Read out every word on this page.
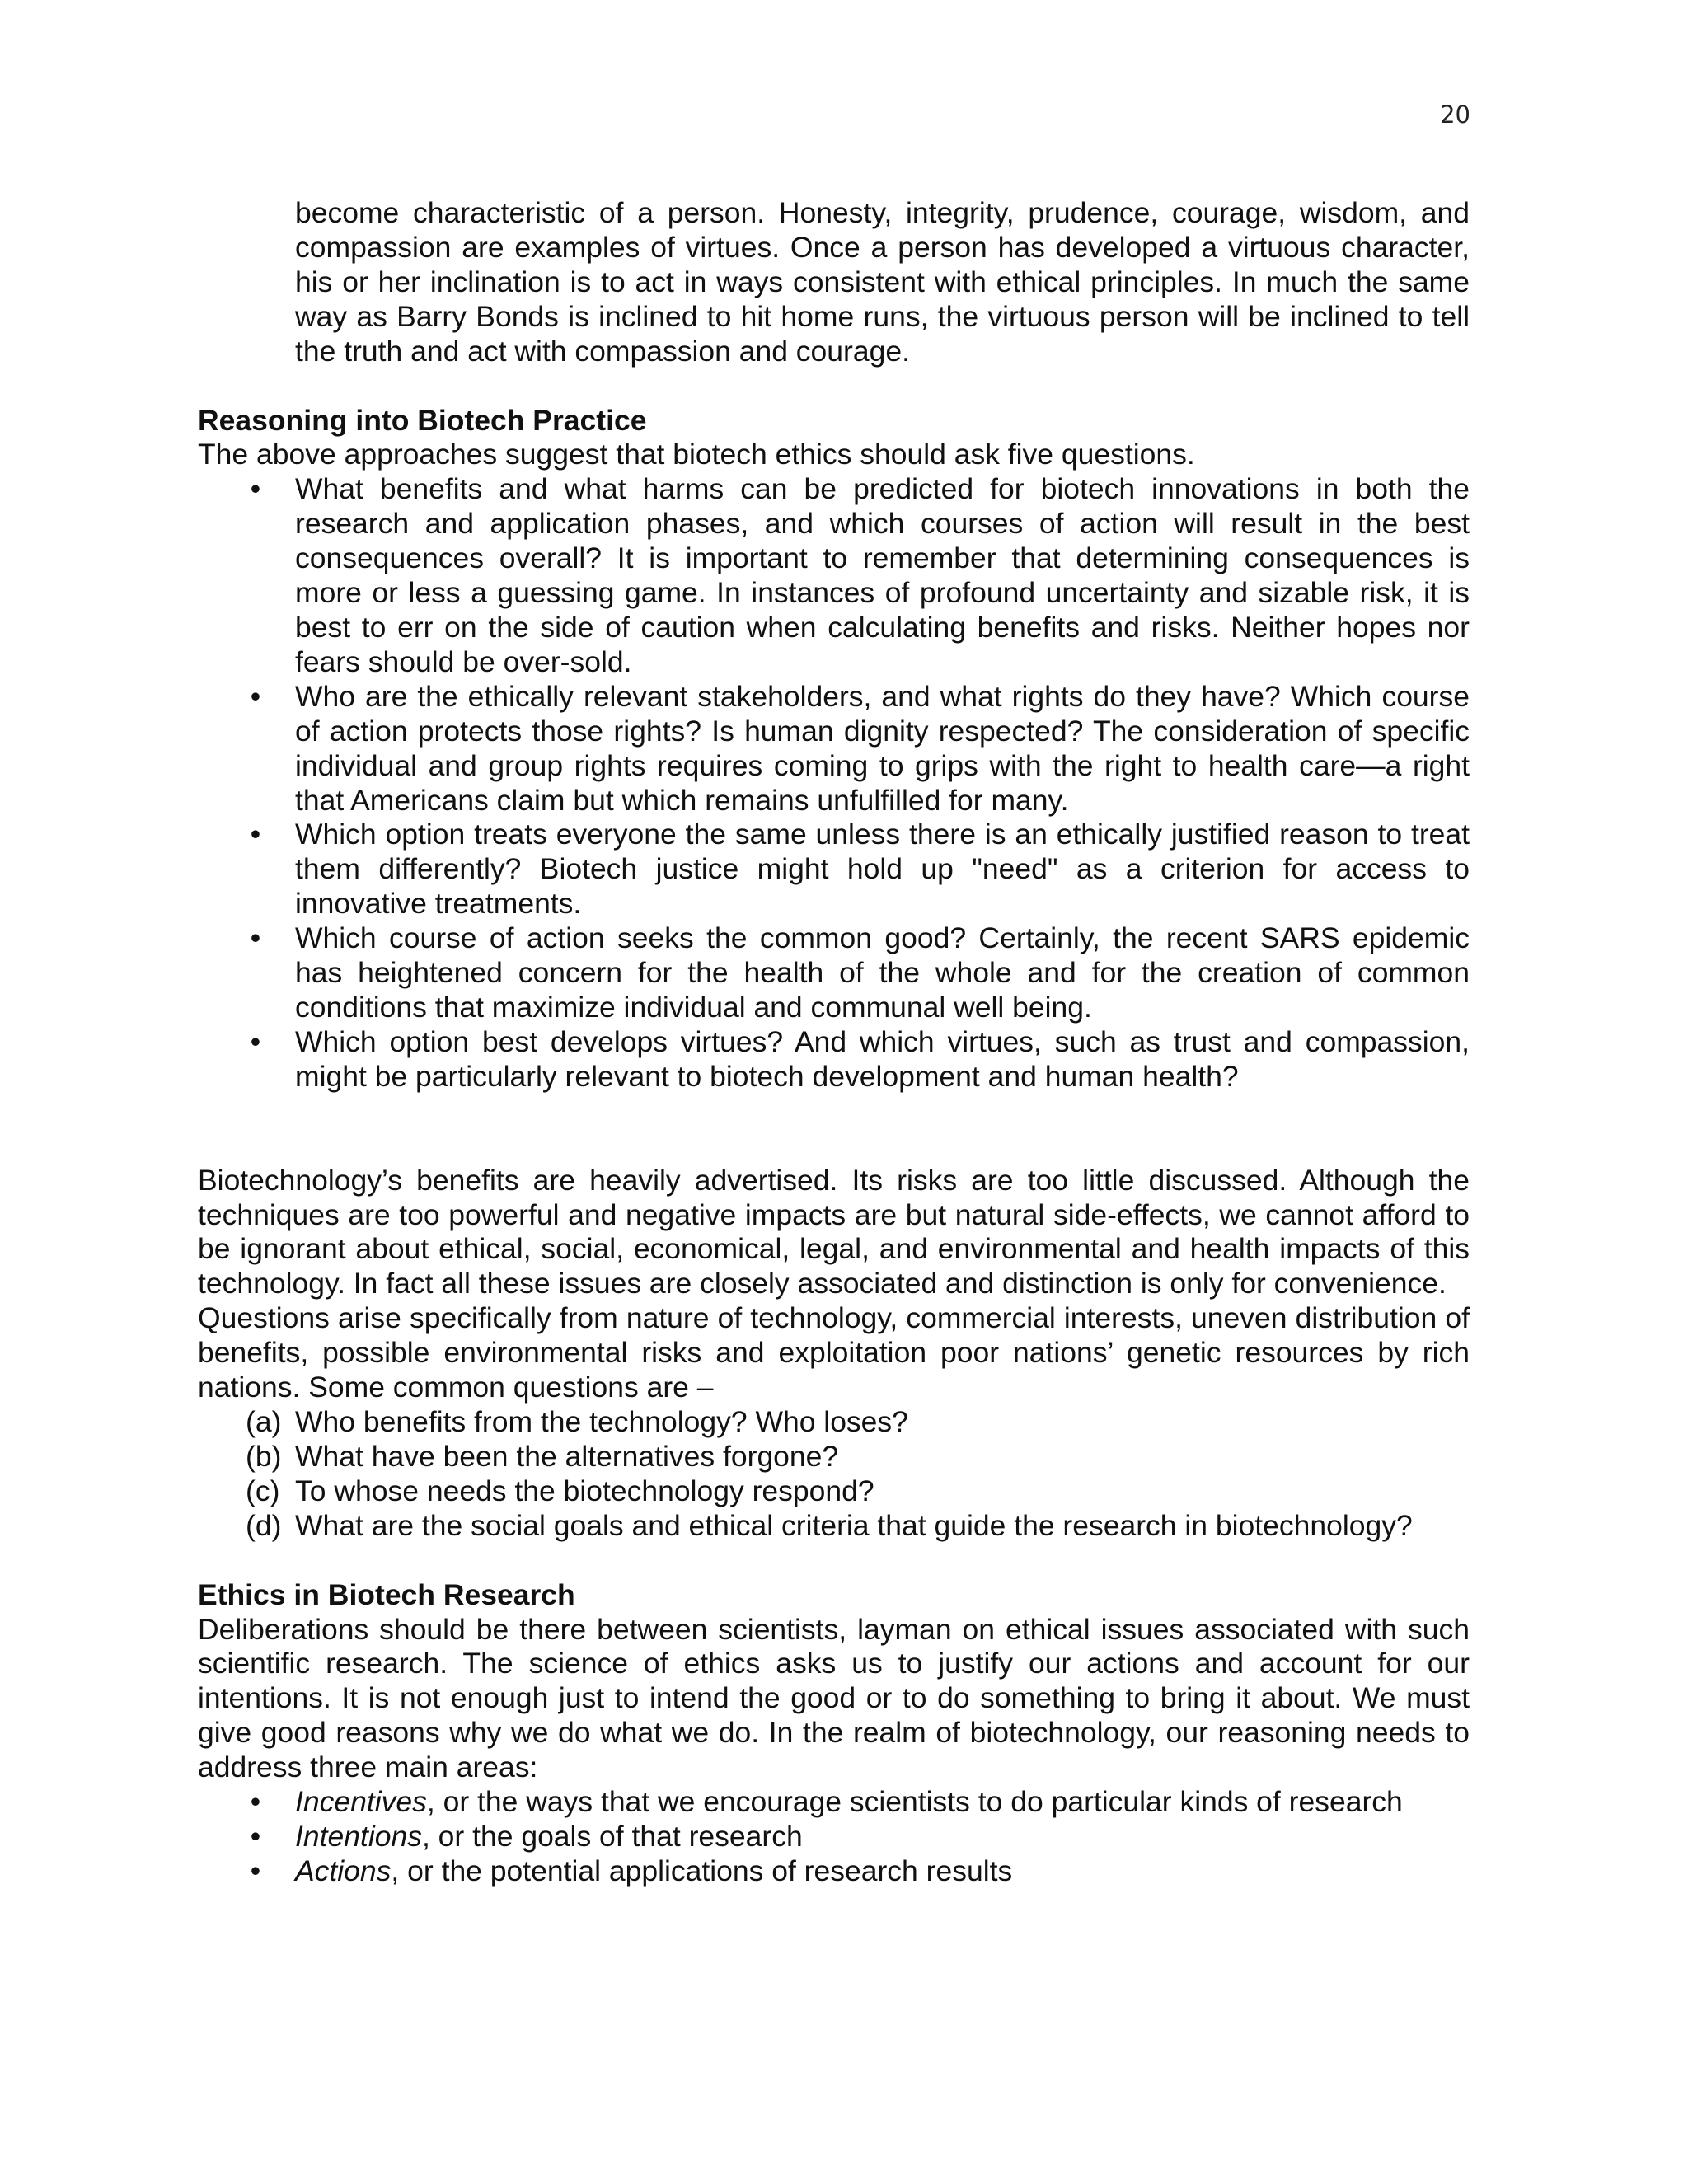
20

become characteristic of a person. Honesty, integrity, prudence, courage, wisdom, and compassion are examples of virtues. Once a person has developed a virtuous character, his or her inclination is to act in ways consistent with ethical principles. In much the same way as Barry Bonds is inclined to hit home runs, the virtuous person will be inclined to tell the truth and act with compassion and courage.

Reasoning into Biotech Practice

The above approaches suggest that biotech ethics should ask five questions.

• What benefits and what harms can be predicted for biotech innovations in both the research and application phases, and which courses of action will result in the best consequences overall? It is important to remember that determining consequences is more or less a guessing game. In instances of profound uncertainty and sizable risk, it is best to err on the side of caution when calculating benefits and risks. Neither hopes nor fears should be over-sold.
• Who are the ethically relevant stakeholders, and what rights do they have? Which course of action protects those rights? Is human dignity respected? The consideration of specific individual and group rights requires coming to grips with the right to health care—a right that Americans claim but which remains unfulfilled for many.
• Which option treats everyone the same unless there is an ethically justified reason to treat them differently? Biotech justice might hold up "need" as a criterion for access to innovative treatments.
• Which course of action seeks the common good? Certainly, the recent SARS epidemic has heightened concern for the health of the whole and for the creation of common conditions that maximize individual and communal well being.
• Which option best develops virtues? And which virtues, such as trust and compassion, might be particularly relevant to biotech development and human health?

Biotechnology’s benefits are heavily advertised. Its risks are too little discussed. Although the techniques are too powerful and negative impacts are but natural side-effects, we cannot afford to be ignorant about ethical, social, economical, legal, and environmental and health impacts of this technology. In fact all these issues are closely associated and distinction is only for convenience.

Questions arise specifically from nature of technology, commercial interests, uneven distribution of benefits, possible environmental risks and exploitation poor nations’ genetic resources by rich nations. Some common questions are –

(a) Who benefits from the technology? Who loses?
(b) What have been the alternatives forgone?
(c) To whose needs the biotechnology respond?
(d) What are the social goals and ethical criteria that guide the research in biotechnology?

Ethics in Biotech Research

Deliberations should be there between scientists, layman on ethical issues associated with such scientific research. The science of ethics asks us to justify our actions and account for our intentions. It is not enough just to intend the good or to do something to bring it about. We must give good reasons why we do what we do. In the realm of biotechnology, our reasoning needs to address three main areas:

• Incentives, or the ways that we encourage scientists to do particular kinds of research
• Intentions, or the goals of that research
• Actions, or the potential applications of research results
